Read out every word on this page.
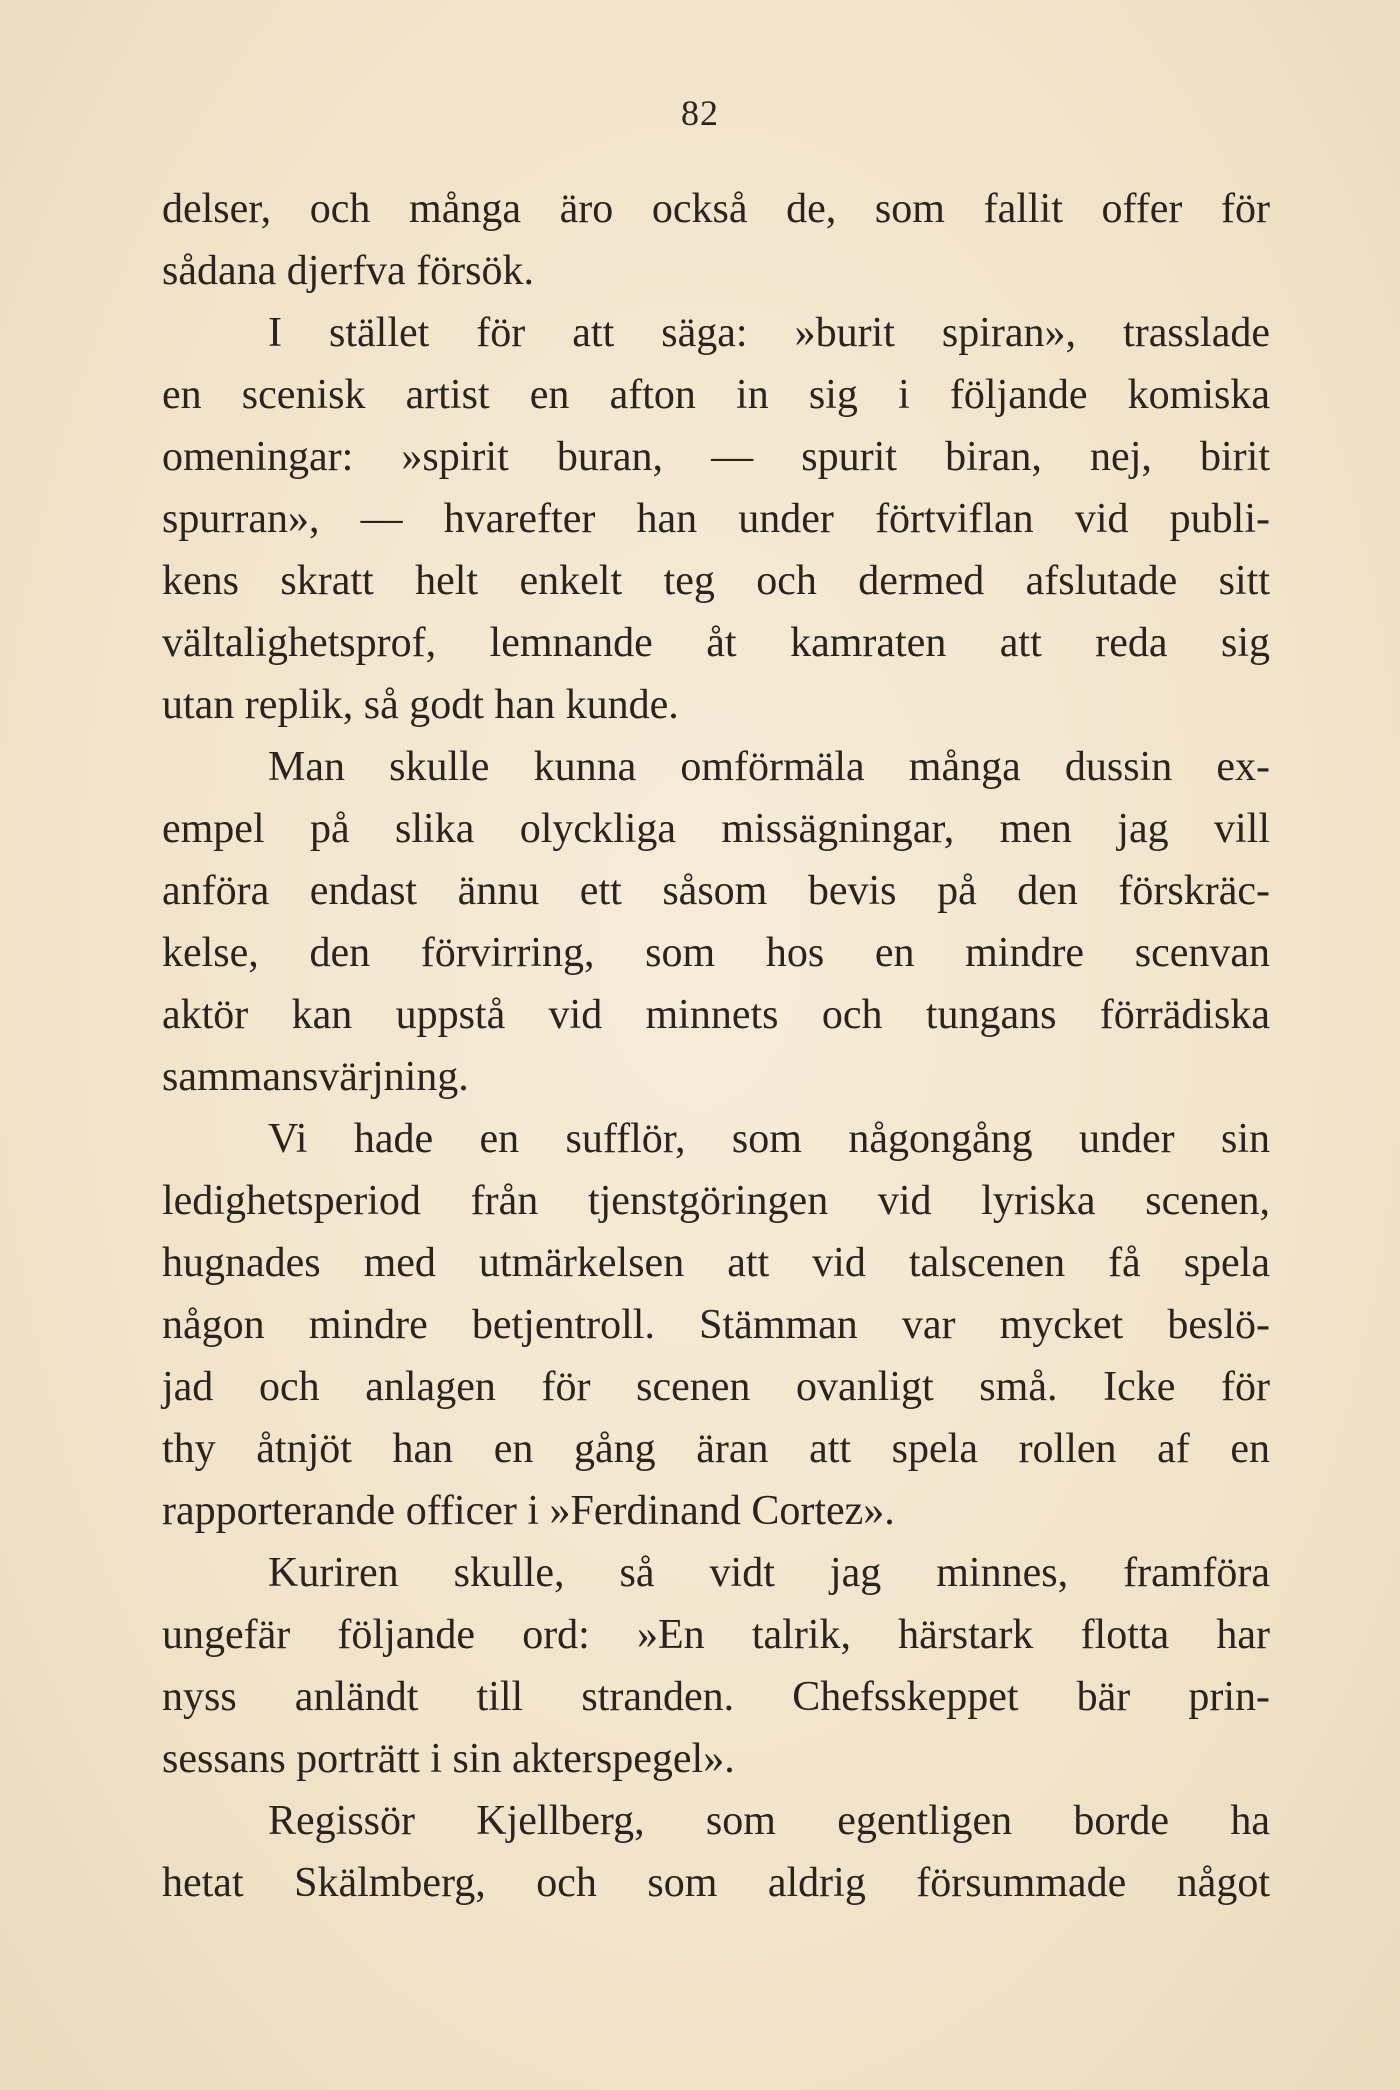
82
delser, och många äro också de, som fallit offer för
sådana djerfva försök.
I stället för att säga: »burit spiran», trasslade
en scenisk artist en afton in sig i följande komiska
omeningar: »spirit buran, — spurit biran, nej, birit
spurran», — hvarefter han under förtviflan vid publi-
kens skratt helt enkelt teg och dermed afslutade sitt
vältalighetsprof, lemnande åt kamraten att reda sig
utan replik, så godt han kunde.
Man skulle kunna omförmäla många dussin ex-
empel på slika olyckliga missägningar, men jag vill
anföra endast ännu ett såsom bevis på den förskräc-
kelse, den förvirring, som hos en mindre scenvan
aktör kan uppstå vid minnets och tungans förrädiska
sammansvärjning.
Vi hade en sufflör, som någongång under sin
ledighetsperiod från tjenstgöringen vid lyriska scenen,
hugnades med utmärkelsen att vid talscenen få spela
någon mindre betjentroll. Stämman var mycket beslö-
jad och anlagen för scenen ovanligt små. Icke för
thy åtnjöt han en gång äran att spela rollen af en
rapporterande officer i »Ferdinand Cortez».
Kuriren skulle, så vidt jag minnes, framföra
ungefär följande ord: »En talrik, härstark flotta har
nyss anländt till stranden. Chefsskeppet bär prin-
sessans porträtt i sin akterspegel».
Regissör Kjellberg, som egentligen borde ha
hetat Skälmberg, och som aldrig försummade något
